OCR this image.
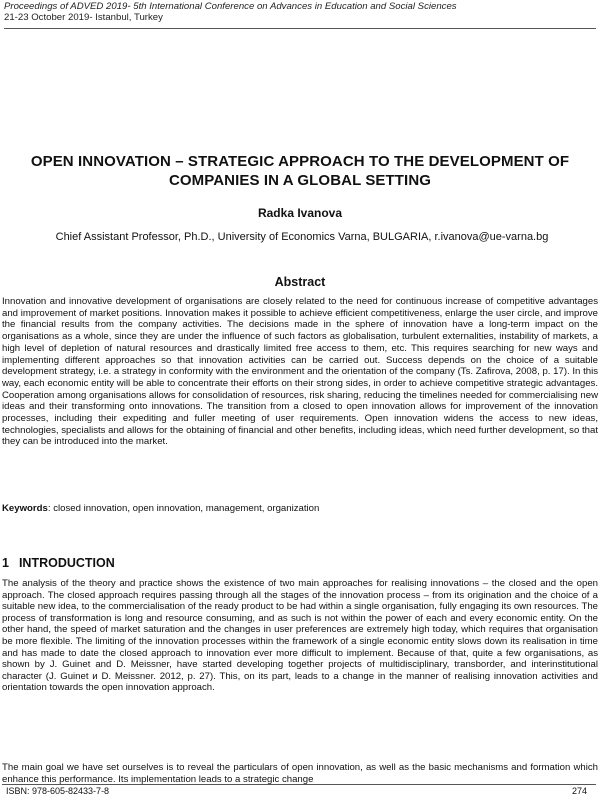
Proceedings of ADVED 2019- 5th International Conference on Advances in Education and Social Sciences
21-23 October 2019- Istanbul, Turkey
OPEN INNOVATION – STRATEGIC APPROACH TO THE DEVELOPMENT OF COMPANIES IN A GLOBAL SETTING
Radka Ivanova
Chief Assistant Professor, Ph.D., University of Economics Varna, BULGARIA, r.ivanova@ue-varna.bg
Abstract
Innovation and innovative development of organisations are closely related to the need for continuous increase of competitive advantages and improvement of market positions. Innovation makes it possible to achieve efficient competitiveness, enlarge the user circle, and improve the financial results from the company activities. The decisions made in the sphere of innovation have a long-term impact on the organisations as a whole, since they are under the influence of such factors as globalisation, turbulent externalities, instability of markets, a high level of depletion of natural resources and drastically limited free access to them, etc. This requires searching for new ways and implementing different approaches so that innovation activities can be carried out. Success depends on the choice of a suitable development strategy, i.e. a strategy in conformity with the environment and the orientation of the company (Ts. Zafirova, 2008, p. 17). In this way, each economic entity will be able to concentrate their efforts on their strong sides, in order to achieve competitive strategic advantages. Cooperation among organisations allows for consolidation of resources, risk sharing, reducing the timelines needed for commercialising new ideas and their transforming onto innovations. The transition from a closed to open innovation allows for improvement of the innovation processes, including their expediting and fuller meeting of user requirements. Open innovation widens the access to new ideas, technologies, specialists and allows for the obtaining of financial and other benefits, including ideas, which need further development, so that they can be introduced into the market.
Keywords: closed innovation, open innovation, management, organization
1 INTRODUCTION
The analysis of the theory and practice shows the existence of two main approaches for realising innovations – the closed and the open approach. The closed approach requires passing through all the stages of the innovation process – from its origination and the choice of a suitable new idea, to the commercialisation of the ready product to be had within a single organisation, fully engaging its own resources. The process of transformation is long and resource consuming, and as such is not within the power of each and every economic entity. On the other hand, the speed of market saturation and the changes in user preferences are extremely high today, which requires that organisation be more flexible. The limiting of the innovation processes within the framework of a single economic entity slows down its realisation in time and has made to date the closed approach to innovation ever more difficult to implement. Because of that, quite a few organisations, as shown by J. Guinet and D. Meissner, have started developing together projects of multidisciplinary, transborder, and interinstitutional character (J. Guinet и D. Meissner. 2012, p. 27). This, on its part, leads to a change in the manner of realising innovation activities and orientation towards the open innovation approach.
The main goal we have set ourselves is to reveal the particulars of open innovation, as well as the basic mechanisms and formation which enhance this performance. Its implementation leads to a strategic change
ISBN: 978-605-82433-7-8	274
